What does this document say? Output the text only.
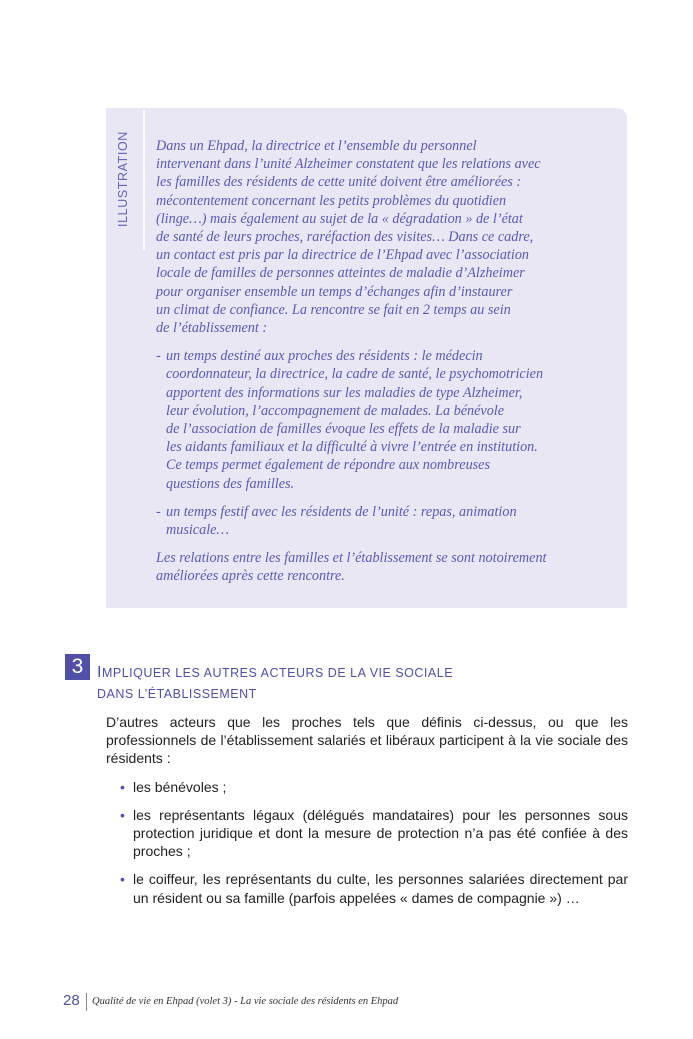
ILLUSTRATION Dans un Ehpad, la directrice et l’ensemble du personnel
intervenant dans l’unité Alzheimer constatent que les relations avec
les familles des résidents de cette unité doivent être améliorées :
mécontentement concernant les petits problèmes du quotidien
(linge…) mais également au sujet de la « dégradation » de l’état
de santé de leurs proches, raréfaction des visites… Dans ce cadre,
un contact est pris par la directrice de l’Ehpad avec l’association
locale de familles de personnes atteintes de maladie d’Alzheimer
pour organiser ensemble un temps d’échanges afin d’instaurer
un climat de confiance. La rencontre se fait en 2 temps au sein
de l’établissement :

- un temps destiné aux proches des résidents : le médecin
coordonnateur, la directrice, la cadre de santé, le psychomotricien
apportent des informations sur les maladies de type Alzheimer,
leur évolution, l’accompagnement de malades. La bénévole
de l’association de familles évoque les effets de la maladie sur
les aidants familiaux et la difficulté à vivre l’entrée en institution.
Ce temps permet également de répondre aux nombreuses
questions des familles.

- un temps festif avec les résidents de l’unité : repas, animation
musicale…

Les relations entre les familles et l’établissement se sont notoirement
améliorées après cette rencontre.

3 IMPLIQUER LES AUTRES ACTEURS DE LA VIE SOCIALE
DANS L’ÉTABLISSEMENT

D’autres acteurs que les proches tels que définis ci-dessus, ou que les professionnels de l’établissement salariés et libéraux participent à la vie sociale des résidents :

• les bénévoles ;
• les représentants légaux (délégués mandataires) pour les personnes sous protection juridique et dont la mesure de protection n’a pas été confiée à des proches ;
• le coiffeur, les représentants du culte, les personnes salariées directement par un résident ou sa famille (parfois appelées « dames de compagnie ») …
28 Qualité de vie en Ehpad (volet 3) - La vie sociale des résidents en Ehpad
